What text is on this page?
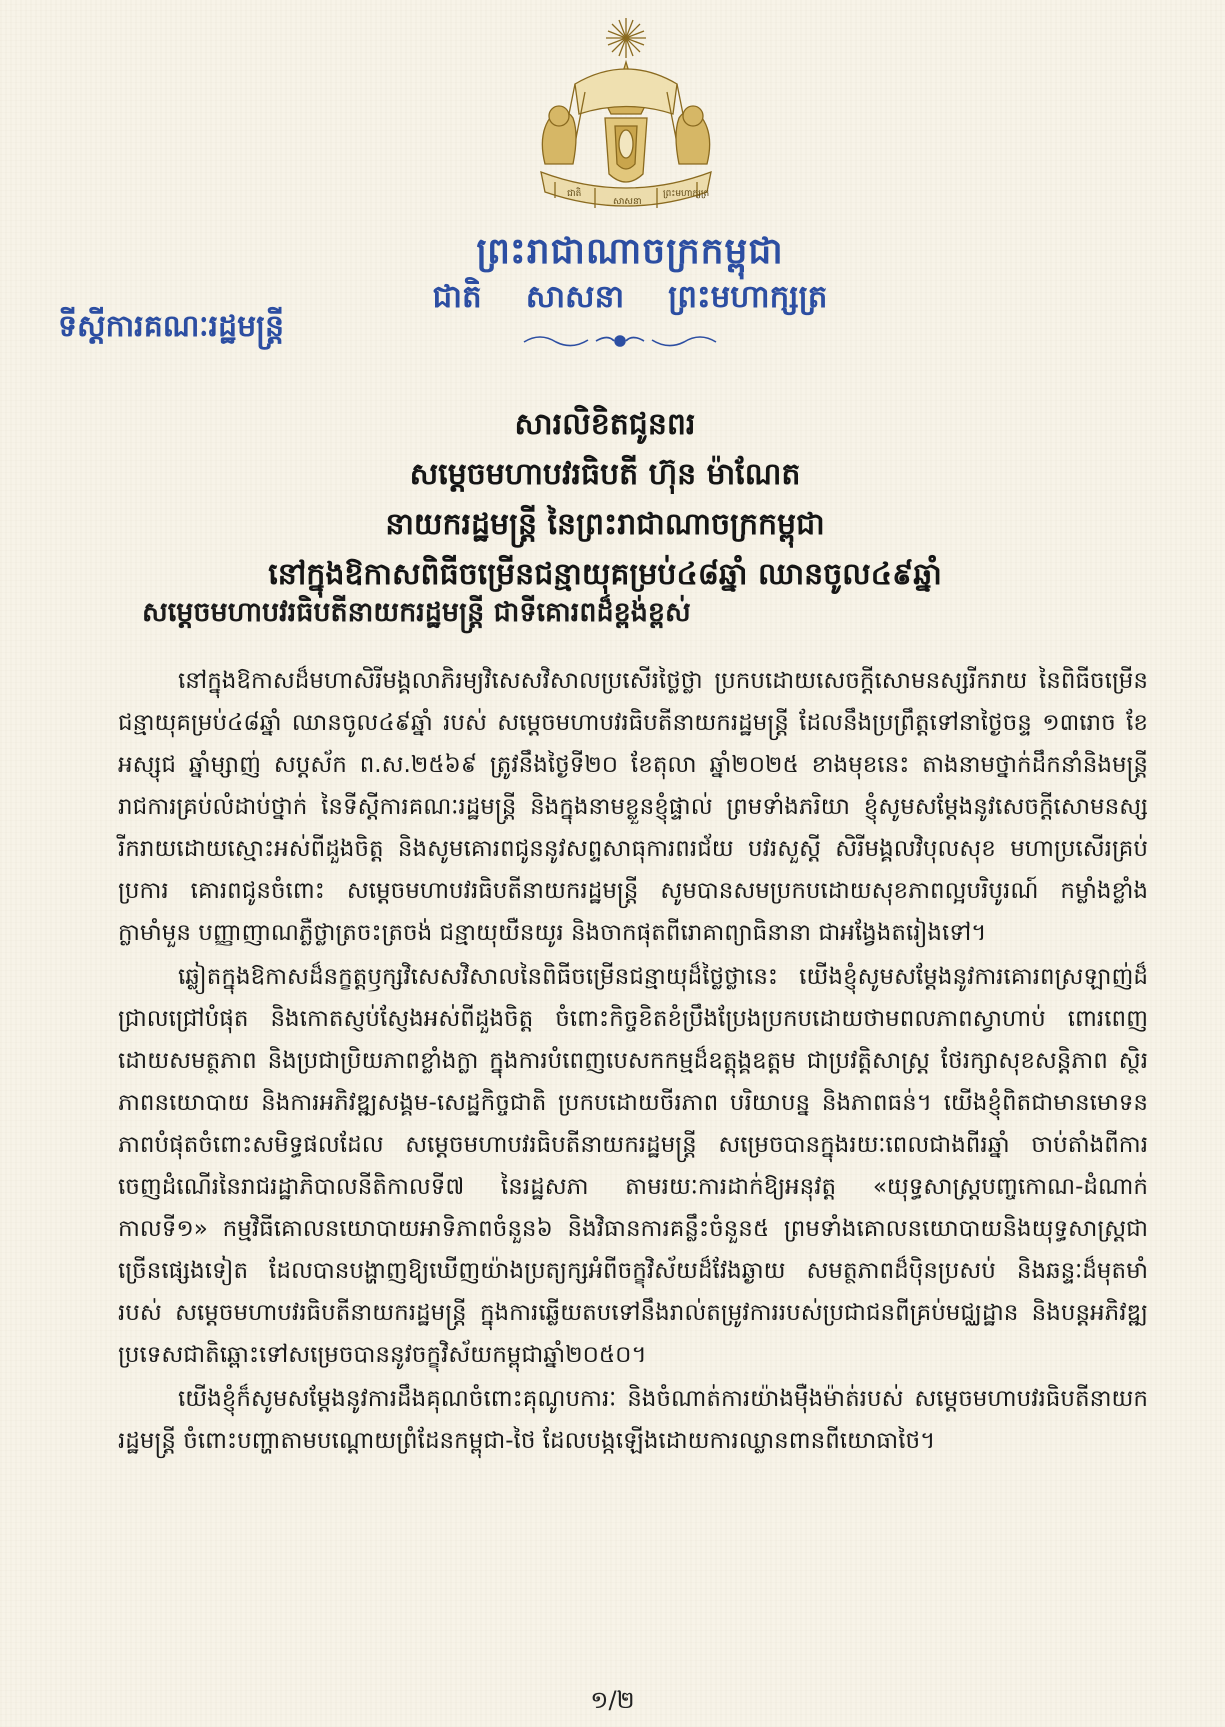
ជាតិ
សាសនា
ព្រះមហាក្សត្រ
ព្រះរាជាណាចក្រកម្ពុជា
ជាតិ សាសនា ព្រះមហាក្សត្រ
ទីស្តីការគណៈរដ្ឋមន្ត្រី
សារលិខិតជូនពរ
សម្តេចមហាបវរធិបតី ហ៊ុន ម៉ាណែត
នាយករដ្ឋមន្ត្រី នៃព្រះរាជាណាចក្រកម្ពុជា
នៅក្នុងឱកាសពិធីចម្រើនជន្មាយុគម្រប់៤៨ឆ្នាំ ឈានចូល៤៩ឆ្នាំ
សម្តេចមហាបវរធិបតីនាយករដ្ឋមន្ត្រី ជាទីគោរពដ៏ខ្ពង់ខ្ពស់

នៅក្នុងឱកាសដ៏មហាសិរីមង្គលាភិរម្យវិសេសវិសាលប្រសើរថ្លៃថ្លា ប្រកបដោយសេចក្តីសោមនស្សរីករាយ នៃពិធីចម្រើនជន្មាយុគម្រប់៤៨ឆ្នាំ ឈានចូល៤៩ឆ្នាំ របស់ សម្តេចមហាបវរធិបតីនាយករដ្ឋមន្ត្រី ដែលនឹងប្រព្រឹត្តទៅនាថ្ងៃចន្ទ ១៣រោច ខែអស្សុជ ឆ្នាំម្សាញ់ សប្តស័ក ព.ស.២៥៦៩ ត្រូវនឹងថ្ងៃទី២០ ខែតុលា ឆ្នាំ២០២៥ ខាងមុខនេះ តាងនាមថ្នាក់ដឹកនាំនិងមន្ត្រីរាជការគ្រប់លំដាប់ថ្នាក់ នៃទីស្តីការគណៈរដ្ឋមន្ត្រី និងក្នុងនាមខ្លួនខ្ញុំផ្ទាល់ ព្រមទាំងភរិយា ខ្ញុំសូមសម្តែងនូវសេចក្តីសោមនស្សរីករាយដោយស្មោះអស់ពីដួងចិត្ត និងសូមគោរពជូននូវសព្ទសាធុការពរជ័យ បវរសួស្តី សិរីមង្គលវិបុលសុខ មហាប្រសើរគ្រប់ប្រការ គោរពជូនចំពោះ សម្តេចមហាបវរធិបតីនាយករដ្ឋមន្ត្រី សូមបានសមប្រកបដោយសុខភាពល្អបរិបូរណ៍ កម្លាំងខ្លាំងក្លាមាំមួន បញ្ញាញាណភ្លឺថ្លាត្រចះត្រចង់ ជន្មាយុយឺនយូរ និងចាកផុតពីរោគាព្យាធិនានា ជាអង្វែងតរៀងទៅ។

ឆ្លៀតក្នុងឱកាសដ៏នក្ខត្តឫក្សវិសេសវិសាលនៃពិធីចម្រើនជន្មាយុដ៏ថ្លៃថ្លានេះ យើងខ្ញុំសូមសម្តែងនូវការគោរពស្រឡាញ់ដ៏ជ្រាលជ្រៅបំផុត និងកោតស្ញប់ស្ញែងអស់ពីដួងចិត្ត ចំពោះកិច្ចខិតខំប្រឹងប្រែងប្រកបដោយថាមពលភាពស្វាហាប់ ពោរពេញដោយសមត្ថភាព និងប្រជាប្រិយភាពខ្លាំងក្លា ក្នុងការបំពេញបេសកកម្មដ៏ឧត្តុង្គឧត្តម ជាប្រវត្តិសាស្ត្រ ថែរក្សាសុខសន្តិភាព ស្ថិរភាពនយោបាយ និងការអភិវឌ្ឍសង្គម-សេដ្ឋកិច្ចជាតិ ប្រកបដោយចីរភាព បរិយាបន្ន និងភាពធន់។ យើងខ្ញុំពិតជាមានមោទនភាពបំផុតចំពោះសមិទ្ធផលដែល សម្តេចមហាបវរធិបតីនាយករដ្ឋមន្ត្រី សម្រេចបានក្នុងរយៈពេលជាងពីរឆ្នាំ ចាប់តាំងពីការចេញដំណើរនៃរាជរដ្ឋាភិបាលនីតិកាលទី៧ នៃរដ្ឋសភា តាមរយៈការដាក់ឱ្យអនុវត្ត «យុទ្ធសាស្ត្របញ្ចកោណ-ដំណាក់កាលទី១» កម្មវិធីគោលនយោបាយអាទិភាពចំនួន៦ និងវិធានការគន្លឹះចំនួន៥ ព្រមទាំងគោលនយោបាយនិងយុទ្ធសាស្ត្រជាច្រើនផ្សេងទៀត ដែលបានបង្ហាញឱ្យឃើញយ៉ាងប្រត្យក្សអំពីចក្ខុវិស័យដ៏វែងឆ្ងាយ សមត្ថភាពដ៏ប៉ិនប្រសប់ និងឆន្ទៈដ៏មុតមាំរបស់ សម្តេចមហាបវរធិបតីនាយករដ្ឋមន្ត្រី ក្នុងការឆ្លើយតបទៅនឹងរាល់តម្រូវការរបស់ប្រជាជនពីគ្រប់មជ្ឈដ្ឋាន និងបន្តអភិវឌ្ឍប្រទេសជាតិឆ្ពោះទៅសម្រេចបាននូវចក្ខុវិស័យកម្ពុជាឆ្នាំ២០៥០។

យើងខ្ញុំក៏សូមសម្តែងនូវការដឹងគុណចំពោះគុណូបការៈ និងចំណាត់ការយ៉ាងម៉ឺងម៉ាត់របស់ សម្តេចមហាបវរធិបតីនាយករដ្ឋមន្ត្រី ចំពោះបញ្ហាតាមបណ្តោយព្រំដែនកម្ពុជា-ថៃ ដែលបង្កឡើងដោយការឈ្លានពានពីយោធាថៃ។

១/២
